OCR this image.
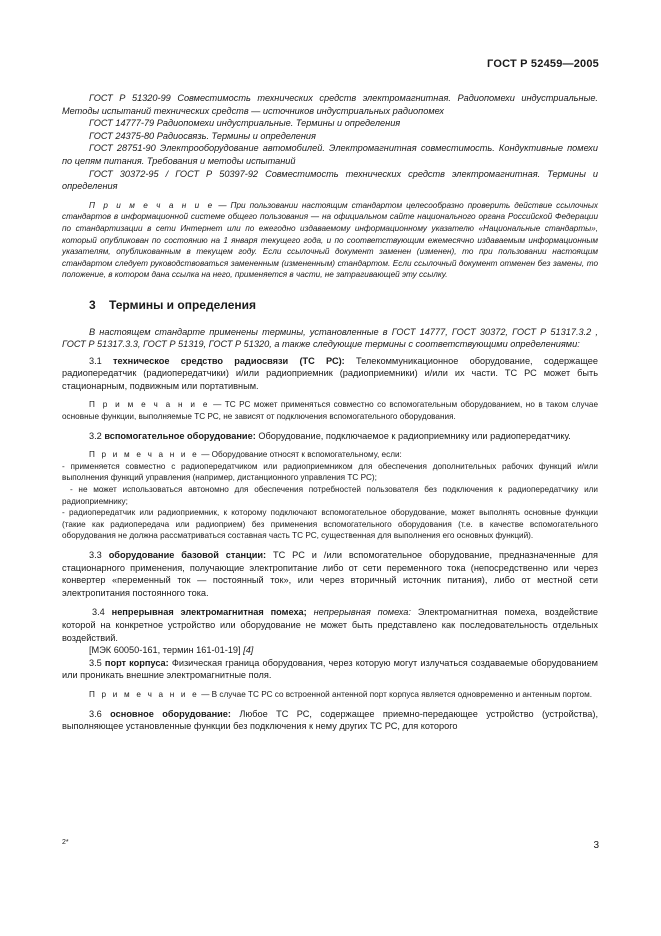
ГОСТ Р 52459—2005

ГОСТ Р 51320-99 Совместимость технических средств электромагнитная. Радиопомехи индустриальные. Методы испытаний технических средств — источников индустриальных радиопомех

ГОСТ 14777-79 Радиопомехи индустриальные. Термины и определения

ГОСТ 24375-80 Радиосвязь. Термины и определения

ГОСТ 28751-90 Электрооборудование автомобилей. Электромагнитная совместимость. Кондуктивные помехи по цепям питания. Требования и методы испытаний

ГОСТ 30372-95 / ГОСТ Р 50397-92 Совместимость технических средств электромагнитная. Термины и определения

П р и м е ч а н и е — При пользовании настоящим стандартом целесообразно проверить действие ссылочных стандартов в информационной системе общего пользования — на официальном сайте национального органа Российской Федерации по стандартизации в сети Интернет или по ежегодно издаваемому информационному указателю «Национальные стандарты», который опубликован по состоянию на 1 января текущего года, и по соответствующим ежемесячно издаваемым информационным указателям, опубликованным в текущем году. Если ссылочный документ заменен (изменен), то при пользовании настоящим стандартом следует руководствоваться замененным (измененным) стандартом. Если ссылочный документ отменен без замены, то положение, в котором дана ссылка на него, применяется в части, не затрагивающей эту ссылку.

3 Термины и определения

В настоящем стандарте применены термины, установленные в ГОСТ 14777, ГОСТ 30372, ГОСТ Р 51317.3.2 , ГОСТ Р 51317.3.3, ГОСТ Р 51319, ГОСТ Р 51320, а также следующие термины с соответствующими определениями:

3.1 техническое средство радиосвязи (ТС РС): Телекоммуникационное оборудование, содержащее радиопередатчик (радиопередатчики) и/или радиоприемник (радиоприемники) и/или их части. ТС РС может быть стационарным, подвижным или портативным.

П р и м е ч а н и е — ТС РС может применяться совместно со вспомогательным оборудованием, но в таком случае основные функции, выполняемые ТС РС, не зависят от подключения вспомогательного оборудования.

3.2 вспомогательное оборудование: Оборудование, подключаемое к радиоприемнику или радиопередатчику.

П р и м е ч а н и е — Оборудование относят к вспомогательному, если:

- применяется совместно с радиопередатчиком или радиоприемником для обеспечения дополнительных рабочих функций и/или выполнения функций управления (например, дистанционного управления ТС РС);

- не может использоваться автономно для обеспечения потребностей пользователя без подключения к радиопередатчику или радиоприемнику;

- радиопередатчик или радиоприемник, к которому подключают вспомогательное оборудование, может выполнять основные функции (такие как радиопередача или радиоприем) без применения вспомогательного оборудования (т.е. в качестве вспомогательного оборудования не должна рассматриваться составная часть ТС РС, существенная для выполнения его основных функций).

3.3 оборудование базовой станции: ТС РС и /или вспомогательное оборудование, предназначенные для стационарного применения, получающие электропитание либо от сети переменного тока (непосредственно или через конвертер «переменный ток — постоянный ток», или через вторичный источник питания), либо от местной сети электропитания постоянного тока.

3.4 непрерывная электромагнитная помеха; непрерывная помеха: Электромагнитная помеха, воздействие которой на конкретное устройство или оборудование не может быть представлено как последовательность отдельных воздействий.

[МЭК 60050-161, термин 161-01-19] [4]

3.5 порт корпуса: Физическая граница оборудования, через которую могут излучаться создаваемые оборудованием или проникать внешние электромагнитные поля.

П р и м е ч а н и е — В случае ТС РС со встроенной антенной порт корпуса является одновременно и антенным портом.

3.6 основное оборудование: Любое ТС РС, содержащее приемно-передающее устройство (устройства), выполняющее установленные функции без подключения к нему других ТС РС, для которого

2*	3
